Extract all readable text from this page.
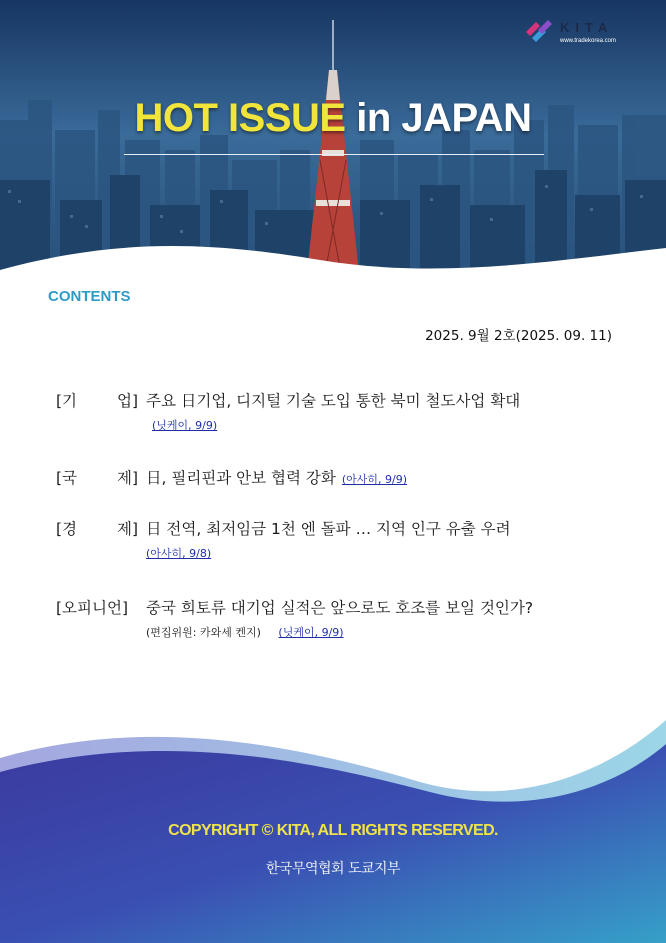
KITA
www.tradekorea.com
HOT ISSUE in JAPAN
CONTENTS
2025. 9월 2호(2025. 09. 11)
[기	업] 주요 日기업, 디지털 기술 도입 통한 북미 철도사업 확대
(닛케이, 9/9)
[국	제] 日, 필리핀과 안보 협력 강화 (아사히, 9/9)
[경	제] 日 전역, 최저임금 1천 엔 돌파 … 지역 인구 유출 우려
(아사히, 9/8)
[오피니언]	중국 희토류 대기업 실적은 앞으로도 호조를 보일 것인가?
(편집위원: 카와세 켄지) (닛케이, 9/9)
COPYRIGHT © KITA, ALL RIGHTS RESERVED.
한국무역협회 도쿄지부
